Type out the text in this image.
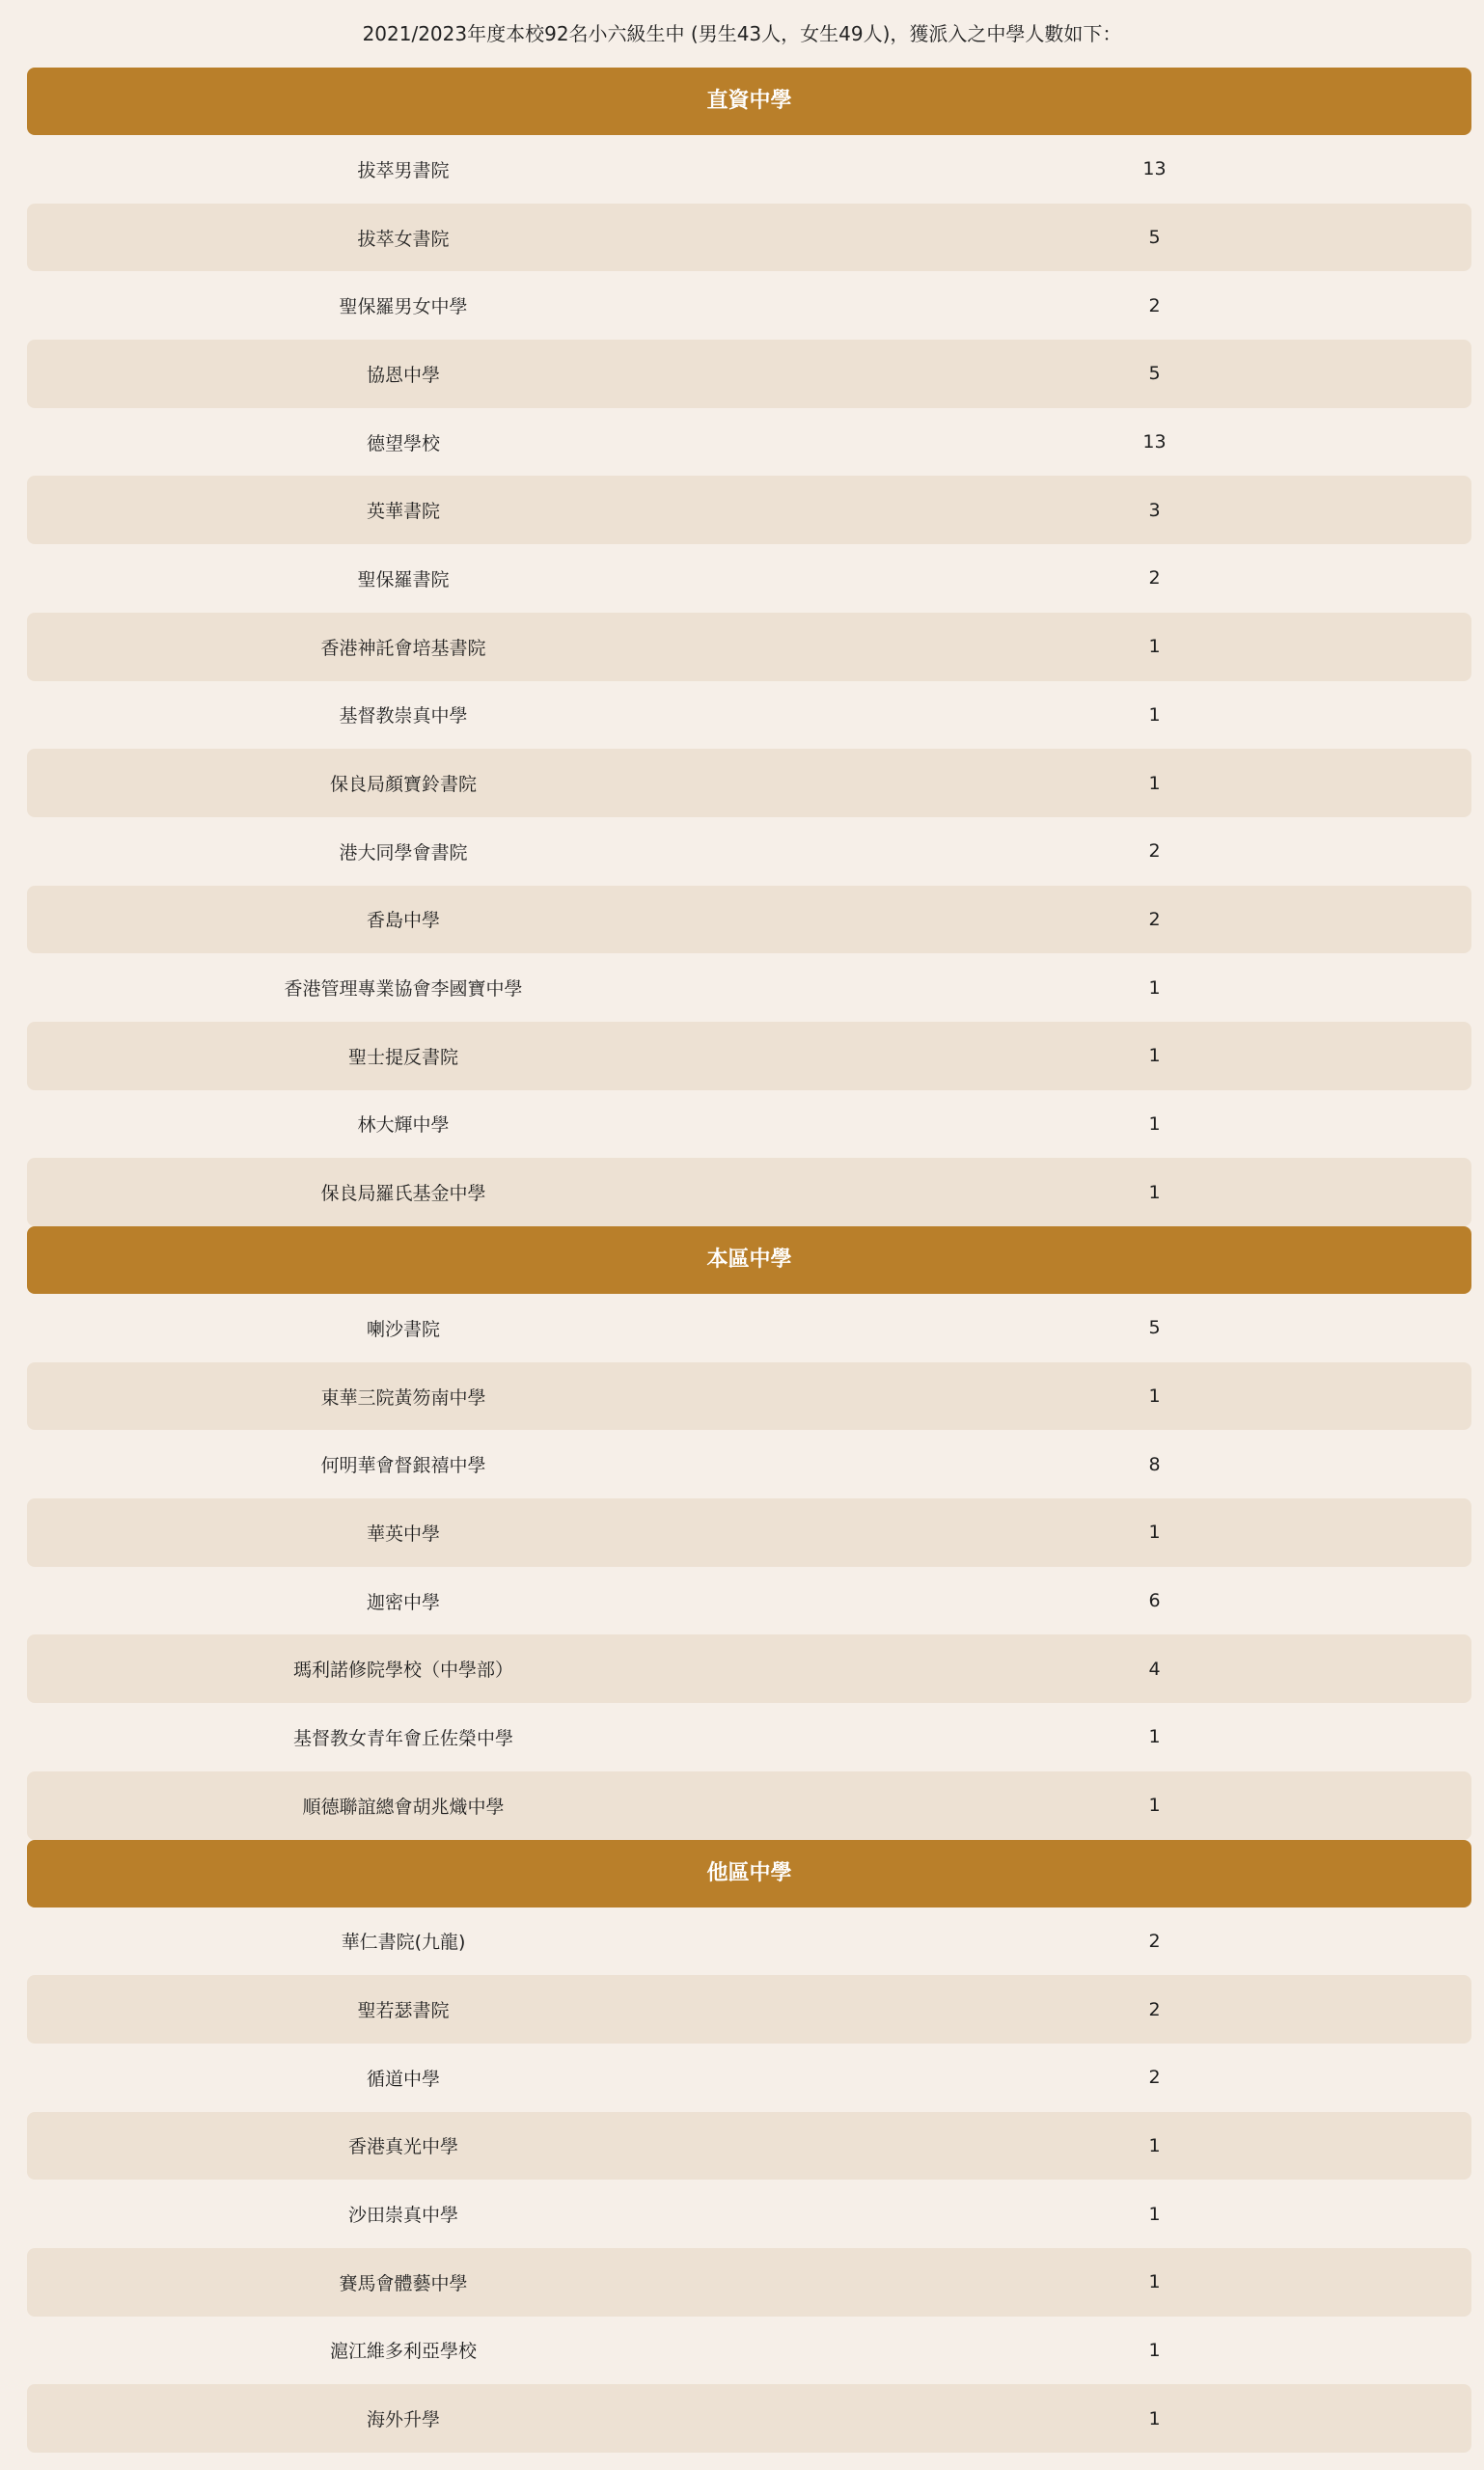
2021/2023年度本校92名小六級生中 (男生43人，女生49人)，獲派入之中學人數如下：
直資中學
拔萃男書院	13
拔萃女書院	5
聖保羅男女中學	2
協恩中學	5
德望學校	13
英華書院	3
聖保羅書院	2
香港神託會培基書院	1
基督教崇真中學	1
保良局顏寶鈴書院	1
港大同學會書院	2
香島中學	2
香港管理專業協會李國寶中學	1
聖士提反書院	1
林大輝中學	1
保良局羅氏基金中學	1
本區中學
喇沙書院	5
東華三院黃笏南中學	1
何明華會督銀禧中學	8
華英中學	1
迦密中學	6
瑪利諾修院學校（中學部）	4
基督教女青年會丘佐榮中學	1
順德聯誼總會胡兆熾中學	1
他區中學
華仁書院(九龍)	2
聖若瑟書院	2
循道中學	2
香港真光中學	1
沙田崇真中學	1
賽馬會體藝中學	1
滬江維多利亞學校	1
海外升學	1
